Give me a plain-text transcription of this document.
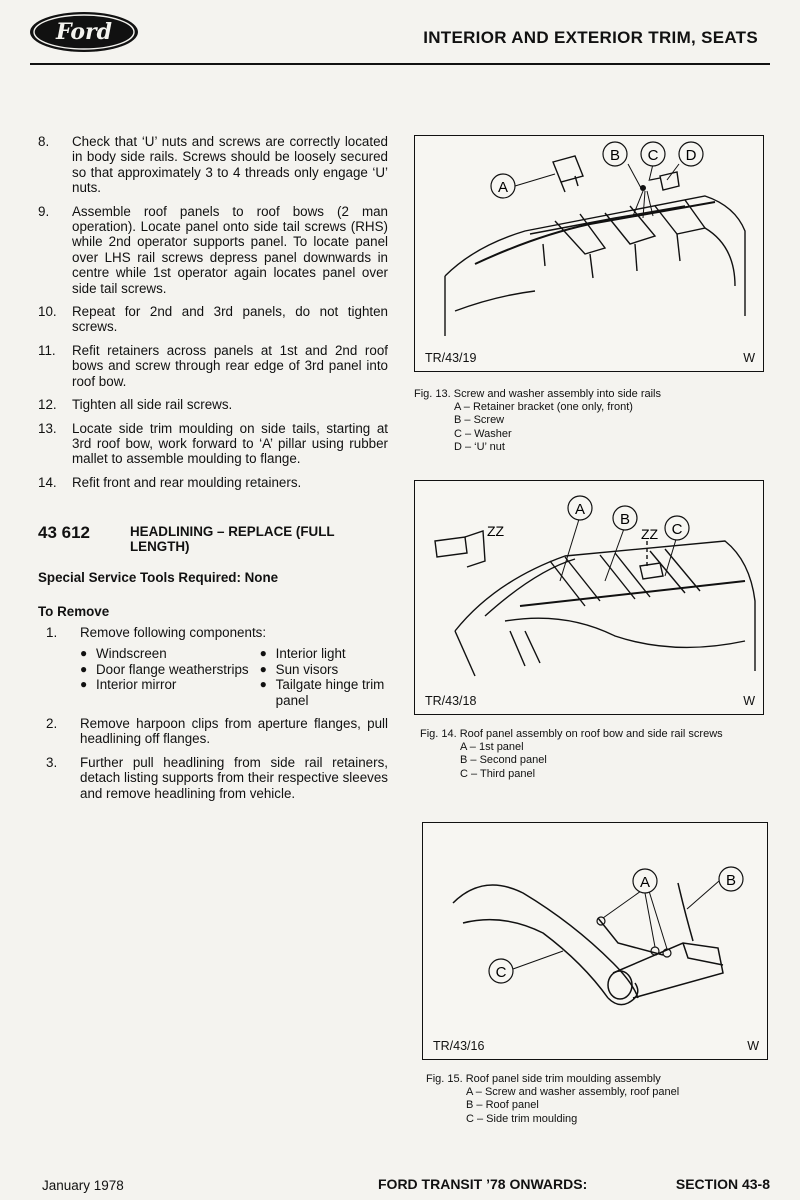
Ford	INTERIOR AND EXTERIOR TRIM, SEATS
8.	Check that ‘U’ nuts and screws are correctly located in body side rails. Screws should be loosely secured so that approximately 3 to 4 threads only engage ‘U’ nuts.
9.	Assemble roof panels to roof bows (2 man operation). Locate panel onto side tail screws (RHS) while 2nd operator supports panel. To locate panel over LHS rail screws depress panel downwards in centre while 1st operator again locates panel over side tail screws.
10.	Repeat for 2nd and 3rd panels, do not tighten screws.
11.	Refit retainers across panels at 1st and 2nd roof bows and screw through rear edge of 3rd panel into roof bow.
12.	Tighten all side rail screws.
13.	Locate side trim moulding on side tails, starting at 3rd roof bow, work forward to ‘A’ pillar using rubber mallet to assemble moulding to flange.
14.	Refit front and rear moulding retainers.
43 612	HEADLINING – REPLACE (FULL LENGTH)
Special Service Tools Required: None
To Remove
1.	Remove following components:
● Windscreen
● Door flange weatherstrips
● Interior mirror
● Interior light
● Sun visors
● Tailgate hinge trim panel
2.	Remove harpoon clips from aperture flanges, pull headlining off flanges.
3.	Further pull headlining from side rail retainers, detach listing supports from their respective sleeves and remove headlining from vehicle.
A
B C D
TR/43/19	W
Fig. 13. Screw and washer assembly into side rails
A – Retainer bracket (one only, front)
B – Screw
C – Washer
D – ‘U’ nut
ZZ	ZZ
A
B
C
TR/43/18	W
Fig. 14. Roof panel assembly on roof bow and side rail screws
A – 1st panel
B – Second panel
C – Third panel
A	B
C
TR/43/16	W
Fig. 15. Roof panel side trim moulding assembly
A – Screw and washer assembly, roof panel
B – Roof panel
C – Side trim moulding
January 1978	FORD TRANSIT ’78 ONWARDS:	SECTION 43-8
